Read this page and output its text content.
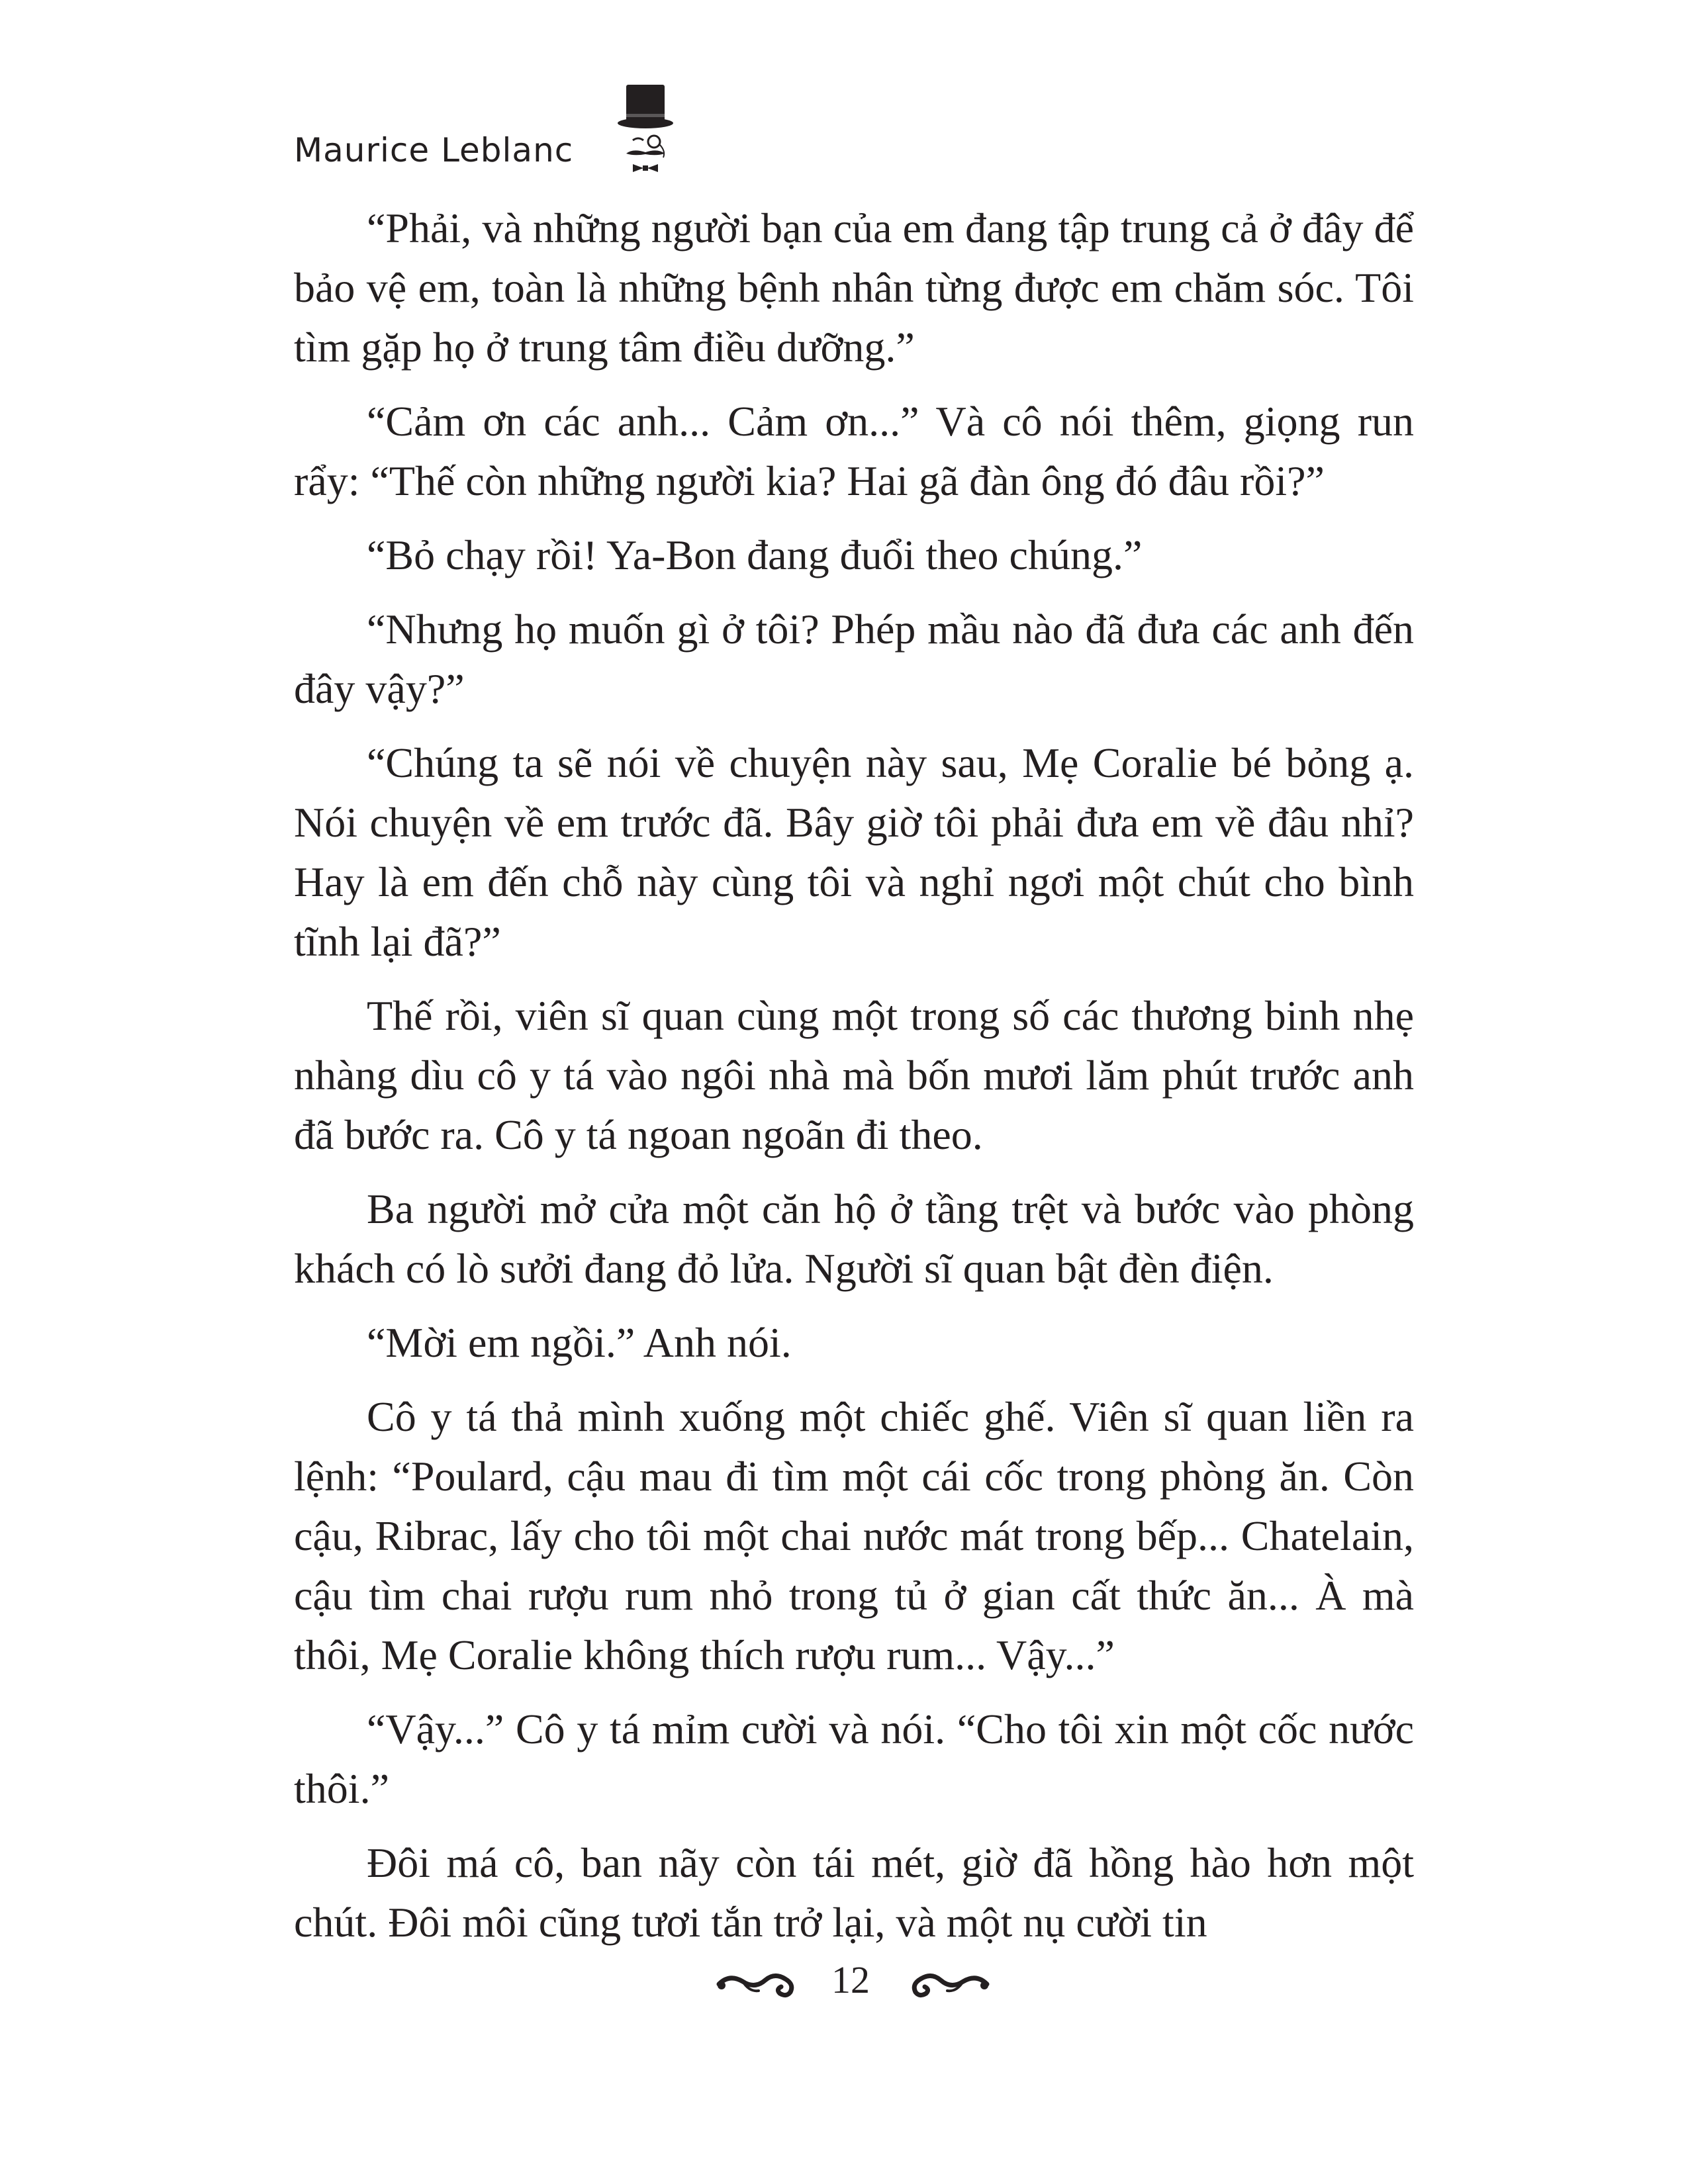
Maurice Leblanc

“Phải, và những người bạn của em đang tập trung cả ở đây để bảo vệ em, toàn là những bệnh nhân từng được em chăm sóc. Tôi tìm gặp họ ở trung tâm điều dưỡng.”

“Cảm ơn các anh... Cảm ơn...” Và cô nói thêm, giọng run rẩy: “Thế còn những người kia? Hai gã đàn ông đó đâu rồi?”

“Bỏ chạy rồi! Ya-Bon đang đuổi theo chúng.”

“Nhưng họ muốn gì ở tôi? Phép mầu nào đã đưa các anh đến đây vậy?”

“Chúng ta sẽ nói về chuyện này sau, Mẹ Coralie bé bỏng ạ. Nói chuyện về em trước đã. Bây giờ tôi phải đưa em về đâu nhỉ? Hay là em đến chỗ này cùng tôi và nghỉ ngơi một chút cho bình tĩnh lại đã?”

Thế rồi, viên sĩ quan cùng một trong số các thương binh nhẹ nhàng dìu cô y tá vào ngôi nhà mà bốn mươi lăm phút trước anh đã bước ra. Cô y tá ngoan ngoãn đi theo.

Ba người mở cửa một căn hộ ở tầng trệt và bước vào phòng khách có lò sưởi đang đỏ lửa. Người sĩ quan bật đèn điện.

“Mời em ngồi.” Anh nói.

Cô y tá thả mình xuống một chiếc ghế. Viên sĩ quan liền ra lệnh: “Poulard, cậu mau đi tìm một cái cốc trong phòng ăn. Còn cậu, Ribrac, lấy cho tôi một chai nước mát trong bếp... Chatelain, cậu tìm chai rượu rum nhỏ trong tủ ở gian cất thức ăn... À mà thôi, Mẹ Coralie không thích rượu rum... Vậy...”

“Vậy...” Cô y tá mỉm cười và nói. “Cho tôi xin một cốc nước thôi.”

Đôi má cô, ban nãy còn tái mét, giờ đã hồng hào hơn một chút. Đôi môi cũng tươi tắn trở lại, và một nụ cười tin

12
